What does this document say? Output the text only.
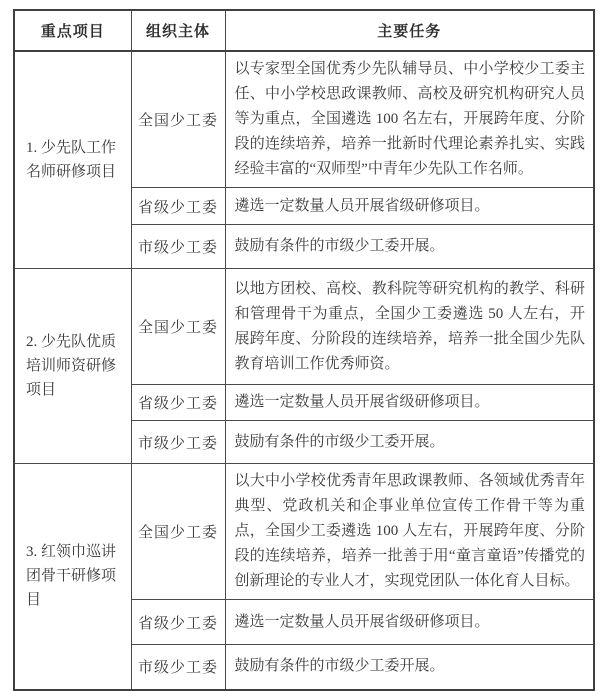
重点项目	组织主体	主要任务
1. 少先队工作名师研修项目	全国少工委	以专家型全国优秀少先队辅导员、中小学校少工委主任、中小学校思政课教师、高校及研究机构研究人员等为重点，全国遴选 100 名左右，开展跨年度、分阶段的连续培养，培养一批新时代理论素养扎实、实践经验丰富的“双师型”中青年少先队工作名师。
	省级少工委	遴选一定数量人员开展省级研修项目。
	市级少工委	鼓励有条件的市级少工委开展。
2. 少先队优质培训师资研修项目	全国少工委	以地方团校、高校、教科院等研究机构的教学、科研和管理骨干为重点，全国少工委遴选 50 人左右，开展跨年度、分阶段的连续培养，培养一批全国少先队教育培训工作优秀师资。
	省级少工委	遴选一定数量人员开展省级研修项目。
	市级少工委	鼓励有条件的市级少工委开展。
3. 红领巾巡讲团骨干研修项目	全国少工委	以大中小学校优秀青年思政课教师、各领域优秀青年典型、党政机关和企事业单位宣传工作骨干等为重点，全国少工委遴选 100 人左右，开展跨年度、分阶段的连续培养，培养一批善于用“童言童语”传播党的创新理论的专业人才，实现党团队一体化育人目标。
	省级少工委	遴选一定数量人员开展省级研修项目。
	市级少工委	鼓励有条件的市级少工委开展。
